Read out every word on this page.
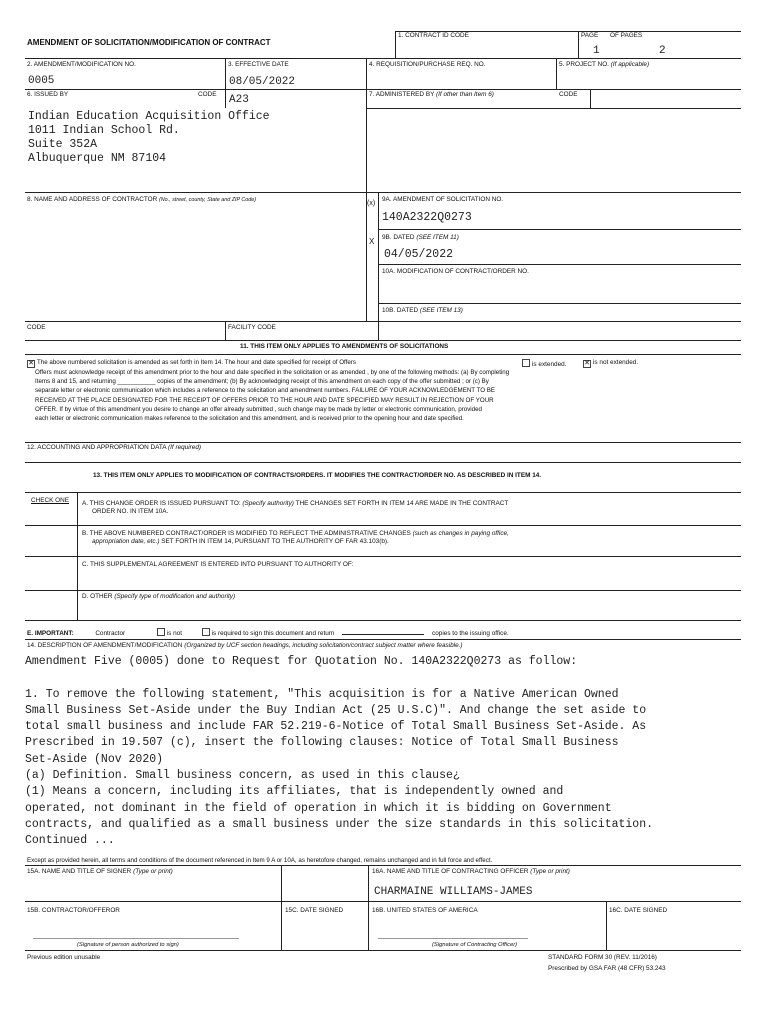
AMENDMENT OF SOLICITATION/MODIFICATION OF CONTRACT
1. CONTRACT ID CODE	PAGE OF PAGES
1	2
2. AMENDMENT/MODIFICATION NO.
0005
3. EFFECTIVE DATE
08/05/2022
4. REQUISITION/PURCHASE REQ. NO.	5. PROJECT NO. (If applicable)
6. ISSUED BY	CODE A23	7. ADMINISTERED BY (If other than Item 6)	CODE
Indian Education Acquisition Office
1011 Indian School Rd.
Suite 352A
Albuquerque NM 87104
8. NAME AND ADDRESS OF CONTRACTOR (No., street, county, State and ZIP Code)	(x)
9A. AMENDMENT OF SOLICITATION NO.
140A2322Q0273
X 9B. DATED (SEE ITEM 11)
04/05/2022
10A. MODIFICATION OF CONTRACT/ORDER NO.
10B. DATED (SEE ITEM 13)
CODE	FACILITY CODE
11. THIS ITEM ONLY APPLIES TO AMENDMENTS OF SOLICITATIONS
✕ The above numbered solicitation is amended as set forth in Item 14. The hour and date specified for receipt of Offers
Offers must acknowledge receipt of this amendment prior to the hour and date specified in the solicitation or as amended , by one of the following methods: (a) By completing
Items 8 and 15, and returning ___________ copies of the amendment; (b) By acknowledging receipt of this amendment on each copy of the offer submitted ; or (c) By
separate letter or electronic communication which includes a reference to the solicitation and amendment numbers. FAILURE OF YOUR ACKNOWLEDGEMENT TO BE
RECEIVED AT THE PLACE DESIGNATED FOR THE RECEIPT OF OFFERS PRIOR TO THE HOUR AND DATE SPECIFIED MAY RESULT IN REJECTION OF YOUR
OFFER. If by virtue of this amendment you desire to change an offer already submitted , such change may be made by letter or electronic communication, provided
each letter or electronic communication makes reference to the solicitation and this amendment, and is received prior to the opening hour and date specified.
is extended.	✕ is not extended.
12. ACCOUNTING AND APPROPRIATION DATA (If required)
13. THIS ITEM ONLY APPLIES TO MODIFICATION OF CONTRACTS/ORDERS. IT MODIFIES THE CONTRACT/ORDER NO. AS DESCRIBED IN ITEM 14.
CHECK ONE A. THIS CHANGE ORDER IS ISSUED PURSUANT TO: (Specify authority) THE CHANGES SET FORTH IN ITEM 14 ARE MADE IN THE CONTRACT
ORDER NO. IN ITEM 10A.
B. THE ABOVE NUMBERED CONTRACT/ORDER IS MODIFIED TO REFLECT THE ADMINISTRATIVE CHANGES (such as changes in paying office,
appropriation date, etc.) SET FORTH IN ITEM 14, PURSUANT TO THE AUTHORITY OF FAR 43.103(b).
C. THIS SUPPLEMENTAL AGREEMENT IS ENTERED INTO PURSUANT TO AUTHORITY OF:
D. OTHER (Specify type of modification and authority)
E. IMPORTANT:	Contractor	is not	is required to sign this document and return	copies to the issuing office.
14. DESCRIPTION OF AMENDMENT/MODIFICATION (Organized by UCF section headings, including solicitation/contract subject matter where feasible.)
Amendment Five (0005) done to Request for Quotation No. 140A2322Q0273 as follow:
1. To remove the following statement, "This acquisition is for a Native American Owned
Small Business Set-Aside under the Buy Indian Act (25 U.S.C)". And change the set aside to
total small business and include FAR 52.219-6-Notice of Total Small Business Set-Aside. As
Prescribed in 19.507 (c), insert the following clauses: Notice of Total Small Business
Set-Aside (Nov 2020)
(a) Definition. Small business concern, as used in this clause¿
(1) Means a concern, including its affiliates, that is independently owned and
operated, not dominant in the field of operation in which it is bidding on Government
contracts, and qualified as a small business under the size standards in this solicitation.
Continued ...
Except as provided herein, all terms and conditions of the document referenced in Item 9 A or 10A, as heretofore changed, remains unchanged and in full force and effect.
15A. NAME AND TITLE OF SIGNER (Type or print)	16A. NAME AND TITLE OF CONTRACTING OFFICER (Type or print)
CHARMAINE WILLIAMS-JAMES
15B. CONTRACTOR/OFFEROR	15C. DATE SIGNED	16B. UNITED STATES OF AMERICA	16C. DATE SIGNED
(Signature of person authorized to sign)	(Signature of Contracting Officer)
Previous edition unusable	STANDARD FORM 30 (REV. 11/2016)
Prescribed by GSA FAR (48 CFR) 53.243
